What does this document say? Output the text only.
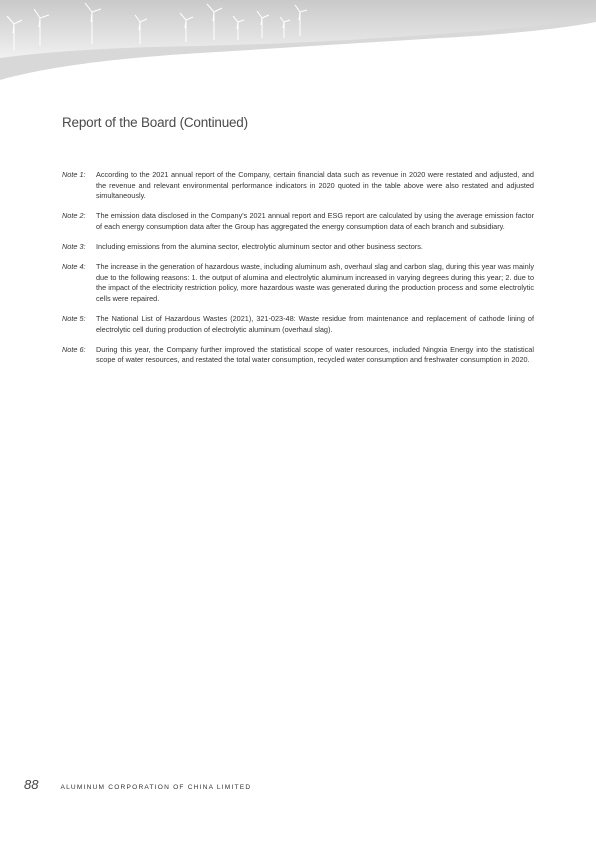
Report of the Board (Continued)
Note 1: According to the 2021 annual report of the Company, certain financial data such as revenue in 2020 were restated and adjusted, and the revenue and relevant environmental performance indicators in 2020 quoted in the table above were also restated and adjusted simultaneously.
Note 2: The emission data disclosed in the Company's 2021 annual report and ESG report are calculated by using the average emission factor of each energy consumption data after the Group has aggregated the energy consumption data of each branch and subsidiary.
Note 3: Including emissions from the alumina sector, electrolytic aluminum sector and other business sectors.
Note 4: The increase in the generation of hazardous waste, including aluminum ash, overhaul slag and carbon slag, during this year was mainly due to the following reasons: 1. the output of alumina and electrolytic aluminum increased in varying degrees during this year; 2. due to the impact of the electricity restriction policy, more hazardous waste was generated during the production process and some electrolytic cells were repaired.
Note 5: The National List of Hazardous Wastes (2021), 321-023-48: Waste residue from maintenance and replacement of cathode lining of electrolytic cell during production of electrolytic aluminum (overhaul slag).
Note 6: During this year, the Company further improved the statistical scope of water resources, included Ningxia Energy into the statistical scope of water resources, and restated the total water consumption, recycled water consumption and freshwater consumption in 2020.
88	ALUMINUM CORPORATION OF CHINA LIMITED
